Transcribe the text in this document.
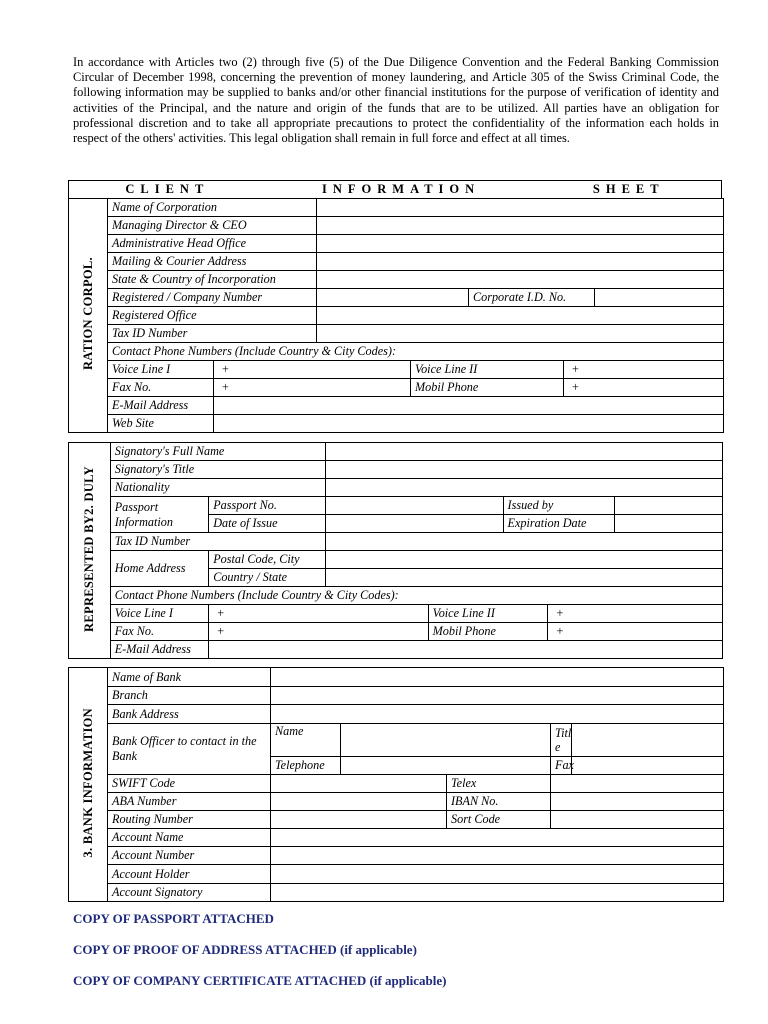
In accordance with Articles two (2) through five (5) of the Due Diligence Convention and the Federal Banking Commission Circular of December 1998, concerning the prevention of money laundering, and Article 305 of the Swiss Criminal Code, the following information may be supplied to banks and/or other financial institutions for the purpose of verification of identity and activities of the Principal, and the nature and origin of the funds that are to be utilized. All parties have an obligation for professional discretion and to take all appropriate precautions to protect the confidentiality of the information each holds in respect of the others' activities. This legal obligation shall remain in full force and effect at all times.
CLIENT	INFORMATION	SHEET
RATION CORPOL.	Name of Corporation						
	Managing Director & CEO						
	Administrative Head Office						
	Mailing & Courier Address						
	State & Country of Incorporation						
	Registered / Company Number				Corporate I.D. No.		
	Registered Office						
	Tax ID Number						
	Contact Phone Numbers (Include Country & City Codes):						
	Voice Line I	+		Voice Line II		+	
	Fax No.	+		Mobil Phone		+	
	E-Mail Address						
	Web Site						
REPRESENTED BY2. DULY	Signatory's Full Name						
	Signatory's Title						
	Nationality						
	Passport Information	Passport No.			Issued by		
		Date of Issue			Expiration Date		
	Tax ID Number						
	Home Address	Postal Code, City					
		Country / State					
	Contact Phone Numbers (Include Country & City Codes):						
	Voice Line I	+		Voice Line II		+	
	Fax No.	+		Mobil Phone		+	
	E-Mail Address						
3. BANK INFORMATION	Name of Bank					
	Branch					
	Bank Address					
	Bank Officer to contact in the Bank	Name			Titl e	
		Telephone			Fax	
	SWIFT Code			Telex		
	ABA Number			IBAN No.		
	Routing Number			Sort Code		
	Account Name					
	Account Number					
	Account Holder					
	Account Signatory					
COPY OF PASSPORT ATTACHED
COPY OF PROOF OF ADDRESS ATTACHED (if applicable)
COPY OF COMPANY CERTIFICATE ATTACHED (if applicable)
